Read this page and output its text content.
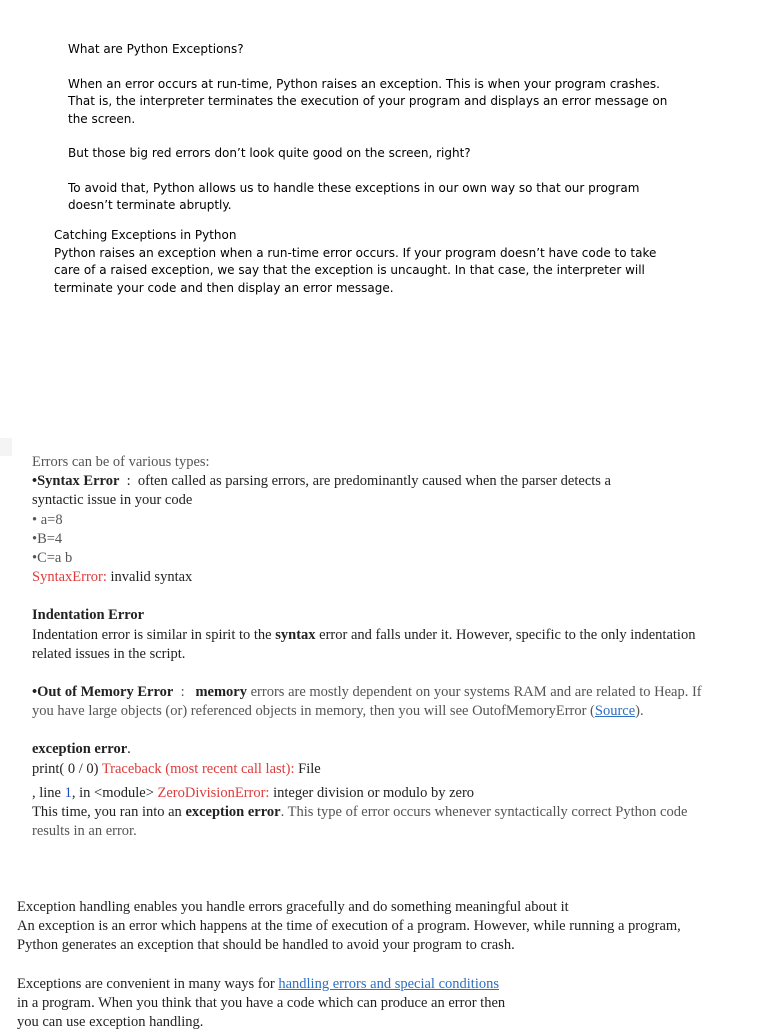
What are Python Exceptions?

When an error occurs at run-time, Python raises an exception. This is when your program crashes. That is, the interpreter terminates the execution of your program and displays an error message on the screen.

But those big red errors don’t look quite good on the screen, right?

To avoid that, Python allows us to handle these exceptions in our own way so that our program doesn’t terminate abruptly.

Catching Exceptions in Python

Python raises an exception when a run-time error occurs. If your program doesn’t have code to take care of a raised exception, we say that the exception is uncaught. In that case, the interpreter will terminate your code and then display an error message.

Errors can be of various types:

•Syntax Error  :  often called as parsing errors, are predominantly caused when the parser detects a

syntactic issue in your code

• a=8

•B=4

•C=a b

SyntaxError: invalid syntax

Indentation Error

Indentation error is similar in spirit to the syntax error and falls under it. However, specific to the only indentation related issues in the script.

•Out of Memory Error  :   memory errors are mostly dependent on your systems RAM and are related to Heap. If you have large objects (or) referenced objects in memory, then you will see OutofMemoryError (Source).

exception error.

print( 0 / 0) Traceback (most recent call last): File

, line 1, in <module> ZeroDivisionError: integer division or modulo by zero

This time, you ran into an exception error. This type of error occurs whenever syntactically correct Python code results in an error.

Exception handling enables you handle errors gracefully and do something meaningful about it

An exception is an error which happens at the time of execution of a program. However, while running a program, Python generates an exception that should be handled to avoid your program to crash.

Exceptions are convenient in many ways for handling errors and special conditions

in a program. When you think that you have a code which can produce an error then

you can use exception handling.
